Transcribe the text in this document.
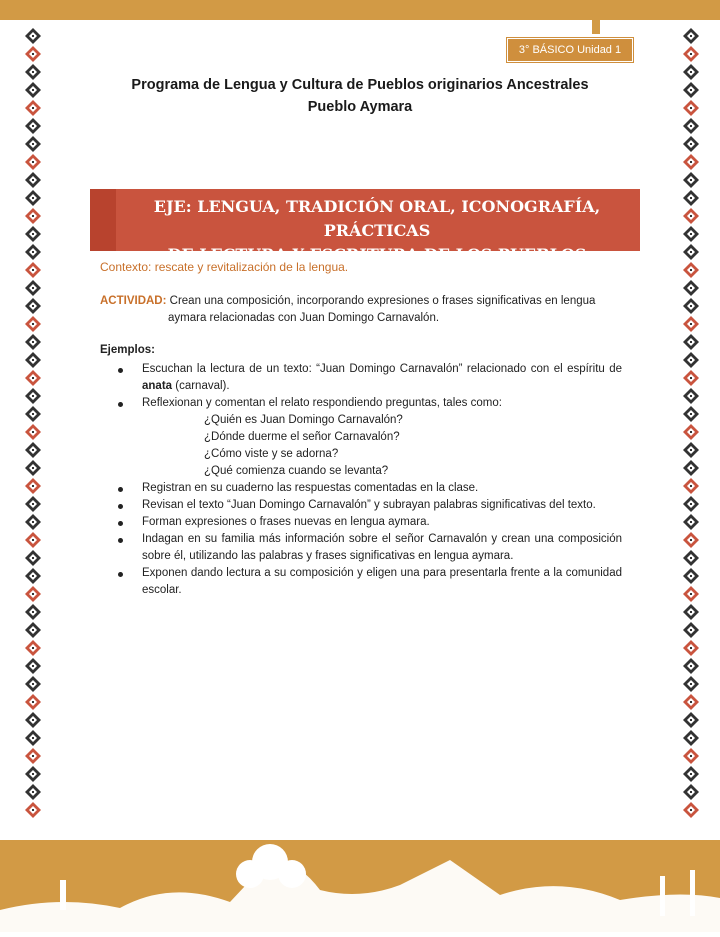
3° BÁSICO Unidad 1
Programa de Lengua y Cultura de Pueblos originarios Ancestrales
Pueblo Aymara
EJE: LENGUA, TRADICIÓN ORAL, ICONOGRAFÍA, PRÁCTICAS
DE LECTURA Y ESCRITURA DE LOS PUEBLOS ORIGINARIOS
Contexto: rescate y revitalización de la lengua.
ACTIVIDAD: Crean una composición, incorporando expresiones o frases significativas en lengua
aymara relacionadas con Juan Domingo Carnavalón.
Ejemplos:
Escuchan la lectura de un texto: “Juan Domingo Carnavalón” relacionado con el espíritu de anata (carnaval).
Reflexionan y comentan el relato respondiendo preguntas, tales como:
¿Quién es Juan Domingo Carnavalón?
¿Dónde duerme el señor Carnavalón?
¿Cómo viste y se adorna?
¿Qué comienza cuando se levanta?
Registran en su cuaderno las respuestas comentadas en la clase.
Revisan el texto “Juan Domingo Carnavalón” y subrayan palabras significativas del texto.
Forman expresiones o frases nuevas en lengua aymara.
Indagan en su familia más información sobre el señor Carnavalón y crean una composición sobre él, utilizando las palabras y frases significativas en lengua aymara.
Exponen dando lectura a su composición y eligen una para presentarla frente a la comunidad escolar.
